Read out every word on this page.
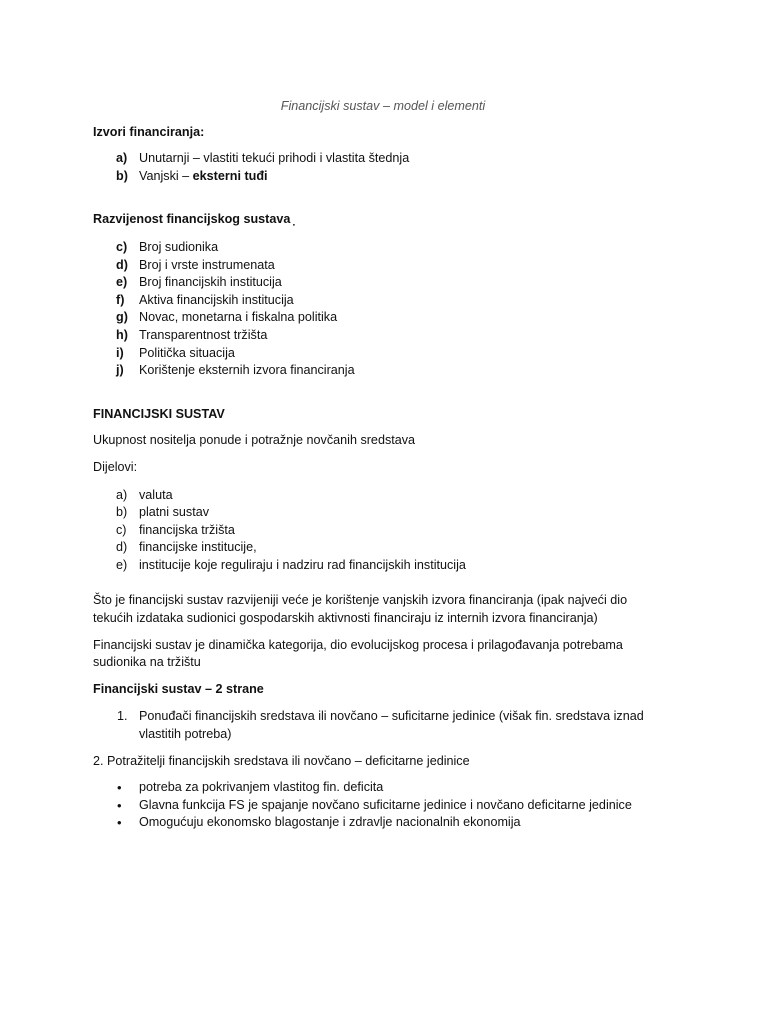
Financijski sustav – model i elementi

Izvori financiranja:

a) Unutarnji – vlastiti tekući prihodi i vlastita štednja
b) Vanjski – eksterni tuđi

Razvijenost financijskog sustava ̣

c) Broj sudionika
d) Broj i vrste instrumenata
e) Broj financijskih institucija
f) Aktiva financijskih institucija
g) Novac, monetarna i fiskalna politika
h) Transparentnost tržišta
i) Politička situacija
j) Korištenje eksternih izvora financiranja

FINANCIJSKI SUSTAV

Ukupnost nositelja ponude i potražnje novčanih sredstava

Dijelovi:

a) valuta
b) platni sustav
c) financijska tržišta
d) financijske institucije,
e) institucije koje reguliraju i nadziru rad financijskih institucija

Što je financijski sustav razvijeniji veće je korištenje vanjskih izvora financiranja (ipak najveći dio tekućih izdataka sudionici gospodarskih aktivnosti financiraju iz internih izvora financiranja)

Financijski sustav je dinamička kategorija, dio evolucijskog procesa i prilagođavanja potrebama sudionika na tržištu

Financijski sustav – 2 strane

1. Ponuđači financijskih sredstava ili novčano – suficitarne jedinice (višak fin. sredstava iznad vlastitih potreba)

2. Potražitelji financijskih sredstava ili novčano – deficitarne jedinice

• potreba za pokrivanjem vlastitog fin. deficita
• Glavna funkcija FS je spajanje novčano suficitarne jedinice i novčano deficitarne jedinice
• Omogućuju ekonomsko blagostanje i zdravlje nacionalnih ekonomija
